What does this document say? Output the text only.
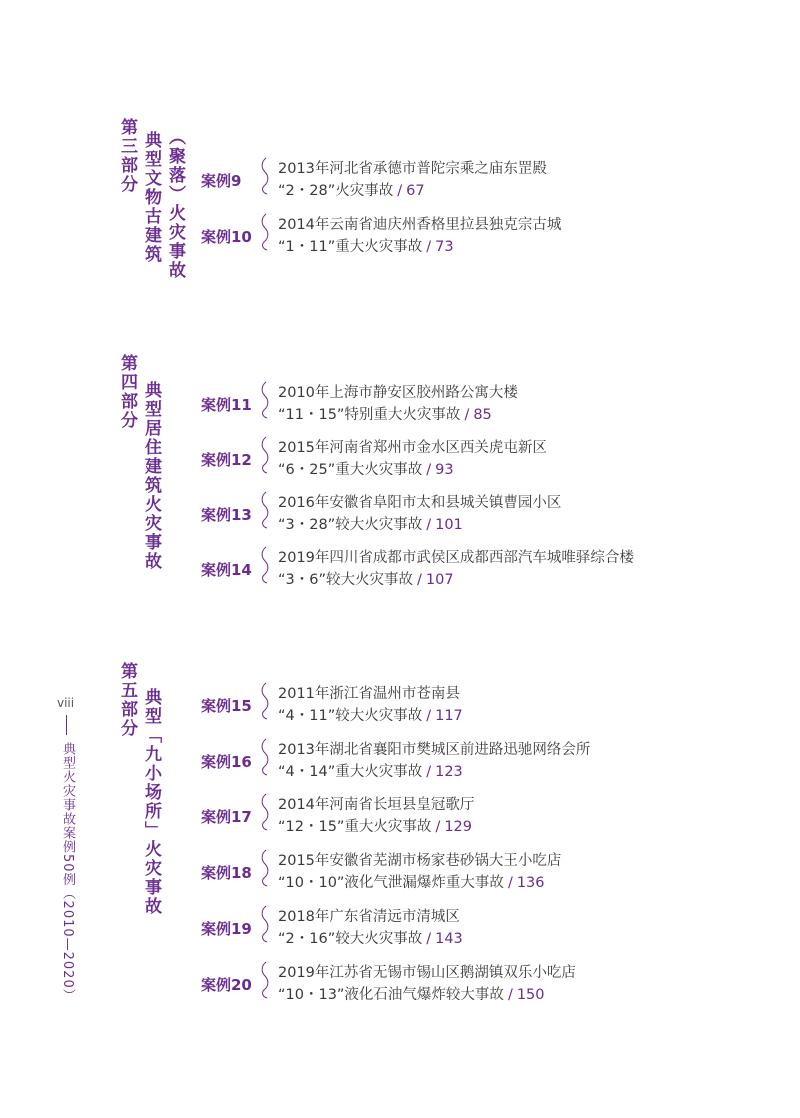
第三部分 典型文物古建筑 （聚落）火灾事故
第四部分 典型居住建筑火灾事故
第五部分 典型「九小场所」火灾事故
案例9
2013年河北省承德市普陀宗乘之庙东罡殿
“2・28”火灾事故 / 67
案例10
2014年云南省迪庆州香格里拉县独克宗古城
“1・11”重大火灾事故 / 73
案例11
2010年上海市静安区胶州路公寓大楼
“11・15”特别重大火灾事故 / 85
案例12
2015年河南省郑州市金水区西关虎屯新区
“6・25”重大火灾事故 / 93
案例13
2016年安徽省阜阳市太和县城关镇曹园小区
“3・28”较大火灾事故 / 101
案例14
2019年四川省成都市武侯区成都西部汽车城唯驿综合楼
“3・6”较大火灾事故 / 107
案例15
2011年浙江省温州市苍南县
“4・11”较大火灾事故 / 117
案例16
2013年湖北省襄阳市樊城区前进路迅驰网络会所
“4・14”重大火灾事故 / 123
案例17
2014年河南省长垣县皇冠歌厅
“12・15”重大火灾事故 / 129
案例18
2015年安徽省芜湖市杨家巷砂锅大王小吃店
“10・10”液化气泄漏爆炸重大事故 / 136
案例19
2018年广东省清远市清城区
“2・16”较大火灾事故 / 143
案例20
2019年江苏省无锡市锡山区鹅湖镇双乐小吃店
“10・13”液化石油气爆炸较大事故 / 150
viii
典型火灾事故案例50例（2010—2020）
